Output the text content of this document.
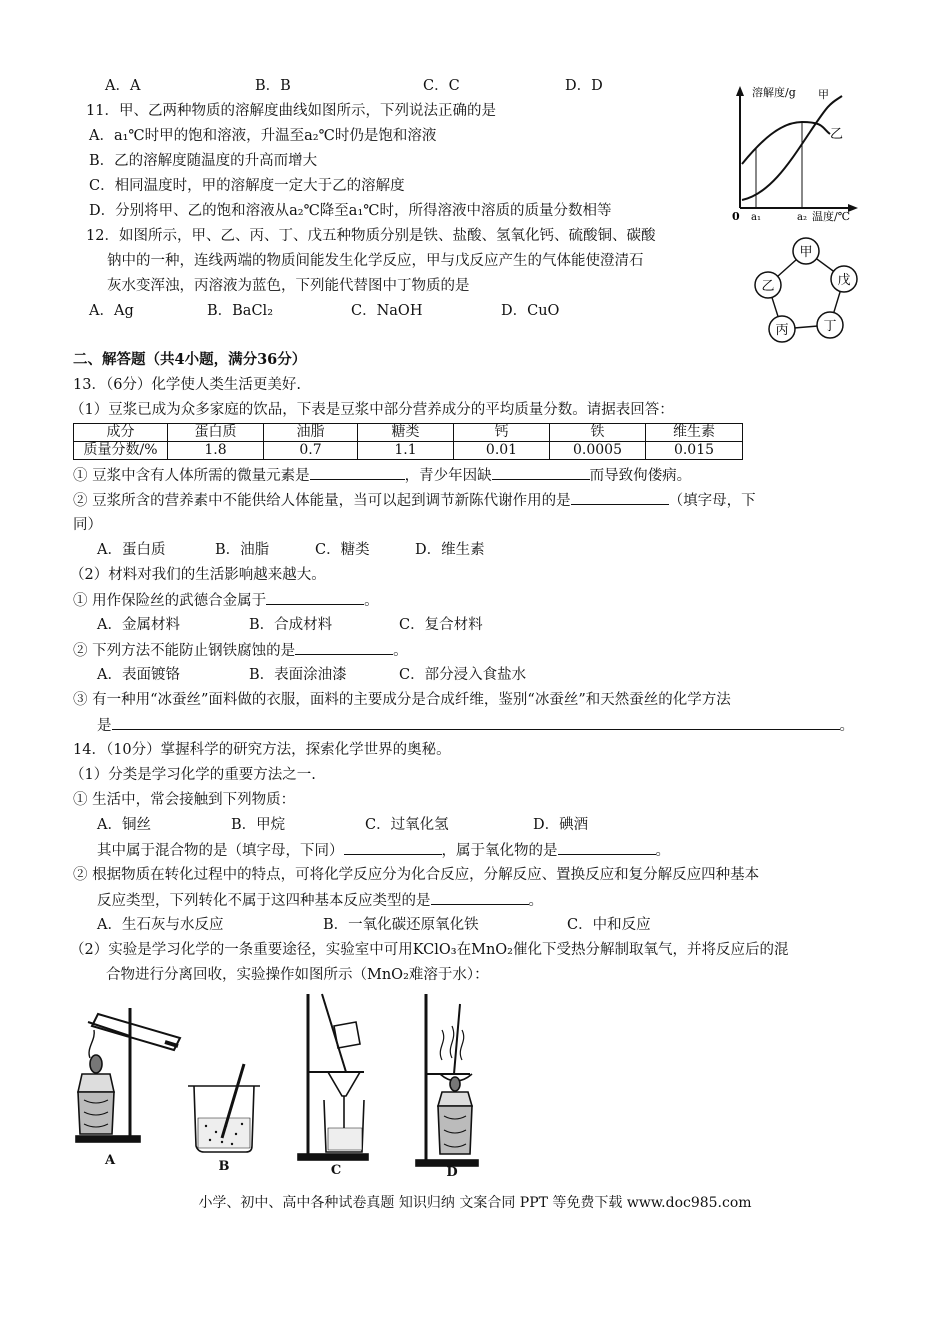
A．A	B．B	C．C	D．D
11．甲、乙两种物质的溶解度曲线如图所示，下列说法正确的是
A．a₁℃时甲的饱和溶液，升温至a₂℃时仍是饱和溶液
B．乙的溶解度随温度的升高而增大
C．相同温度时，甲的溶解度一定大于乙的溶解度
D．分别将甲、乙的饱和溶液从a₂℃降至a₁℃时，所得溶液中溶质的质量分数相等
溶解度/g 甲
乙
0 a₁	a₂ 温度/℃
12．如图所示，甲、乙、丙、丁、戊五种物质分别是铁、盐酸、氢氧化钙、硫酸铜、碳酸
钠中的一种，连线两端的物质间能发生化学反应，甲与戊反应产生的气体能使澄清石
灰水变浑浊，丙溶液为蓝色，下列能代替图中丁物质的是
A．Ag	B．BaCl₂	C．NaOH	D．CuO
甲
戊
丁
丙
乙
二、解答题（共4小题，满分36分）
13．（6分）化学使人类生活更美好.
（1）豆浆已成为众多家庭的饮品，下表是豆浆中部分营养成分的平均质量分数。请据表回答：
成分	蛋白质	油脂	糖类	钙	铁	维生素
质量分数/%	1.8	0.7	1.1	0.01	0.0005	0.015
① 豆浆中含有人体所需的微量元素是	，青少年因缺	而导致佝偻病。
② 豆浆所含的营养素中不能供给人体能量，当可以起到调节新陈代谢作用的是	（填字母，下
同）
A．蛋白质	B．油脂	C．糖类	D．维生素
（2）材料对我们的生活影响越来越大。
① 用作保险丝的武德合金属于	。
A．金属材料	B．合成材料	C．复合材料
② 下列方法不能防止钢铁腐蚀的是	。
A．表面镀铬	B．表面涂油漆	C．部分浸入食盐水
③ 有一种用“冰蚕丝”面料做的衣服，面料的主要成分是合成纤维，鉴别“冰蚕丝”和天然蚕丝的化学方法
是	。
14．（10分）掌握科学的研究方法，探索化学世界的奥秘。
（1）分类是学习化学的重要方法之一.
① 生活中，常会接触到下列物质：
A．铜丝	B．甲烷	C．过氧化氢	D．碘酒
其中属于混合物的是（填字母，下同）	，属于氧化物的是	。
② 根据物质在转化过程中的特点，可将化学反应分为化合反应，分解反应、置换反应和复分解反应四种基本
反应类型，下列转化不属于这四种基本反应类型的是	。
A．生石灰与水反应	B．一氧化碳还原氧化铁	C．中和反应
（2）实验是学习化学的一条重要途径，实验室中可用KClO₃在MnO₂催化下受热分解制取氧气，并将反应后的混
合物进行分离回收，实验操作如图所示（MnO₂难溶于水）：
A	B	C	D
小学、初中、高中各种试卷真题 知识归纳 文案合同 PPT 等免费下载 www.doc985.com
